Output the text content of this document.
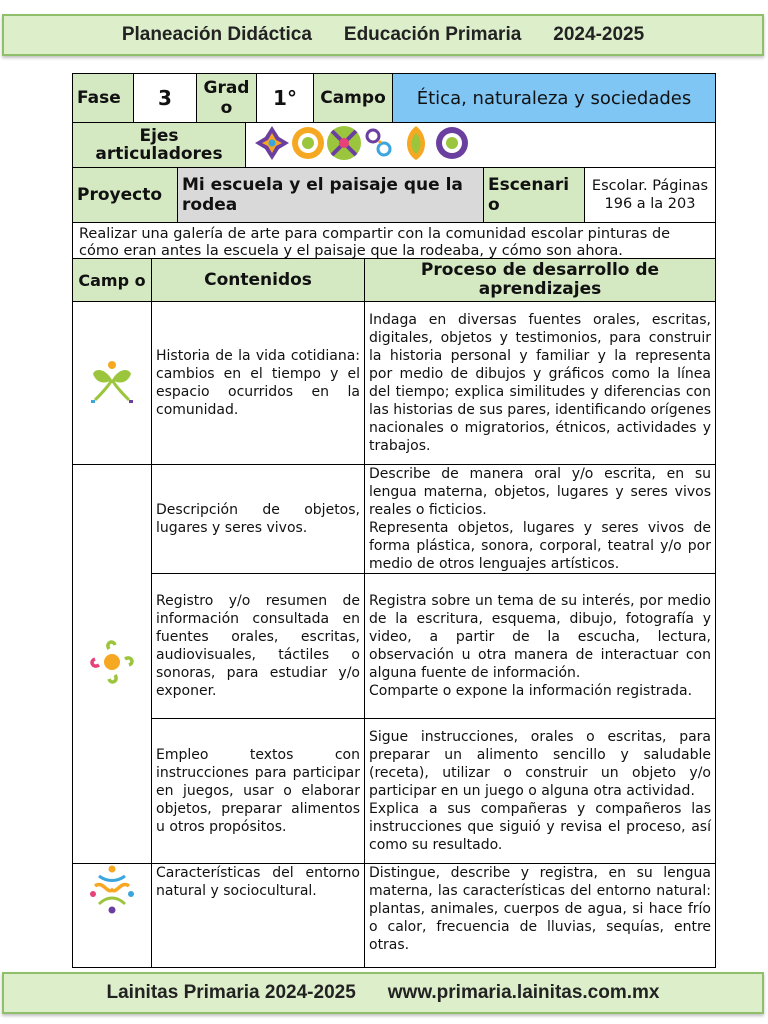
Planeación Didáctica Educación Primaria 2024-2025
Fase	3	Grad o	1°	Campo	Ética, naturaleza y sociedades
Ejes articuladores	
Proyecto	Mi escuela y el paisaje que la rodea	Escenari o	Escolar. Páginas 196 a la 203
Realizar una galería de arte para compartir con la comunidad escolar pinturas de cómo eran antes la escuela y el paisaje que la rodeaba, y cómo son ahora.
Camp o	Contenidos	Proceso de desarrollo de aprendizajes
	Historia de la vida cotidiana: cambios en el tiempo y el espacio ocurridos en la comunidad.	Indaga en diversas fuentes orales, escritas, digitales, objetos y testimonios, para construir la historia personal y familiar y la representa por medio de dibujos y gráficos como la línea del tiempo; explica similitudes y diferencias con las historias de sus pares, identificando orígenes nacionales o migratorios, étnicos, actividades y trabajos.
	Descripción de objetos, lugares y seres vivos.	Describe de manera oral y/o escrita, en su lengua materna, objetos, lugares y seres vivos reales o ficticios.
Representa objetos, lugares y seres vivos de forma plástica, sonora, corporal, teatral y/o por medio de otros lenguajes artísticos.
	Registro y/o resumen de información consultada en fuentes orales, escritas, audiovisuales, táctiles o sonoras, para estudiar y/o exponer.	Registra sobre un tema de su interés, por medio de la escritura, esquema, dibujo, fotografía y video, a partir de la escucha, lectura, observación u otra manera de interactuar con alguna fuente de información.
Comparte o expone la información registrada.
	Empleo textos con instrucciones para participar en juegos, usar o elaborar objetos, preparar alimentos u otros propósitos.	Sigue instrucciones, orales o escritas, para preparar un alimento sencillo y saludable (receta), utilizar o construir un objeto y/o participar en un juego o alguna otra actividad.
Explica a sus compañeras y compañeros las instrucciones que siguió y revisa el proceso, así como su resultado.
	Características del entorno natural y sociocultural.	Distingue, describe y registra, en su lengua materna, las características del entorno natural: plantas, animales, cuerpos de agua, si hace frío o calor, frecuencia de lluvias, sequías, entre otras.
Lainitas Primaria 2024-2025 www.primaria.lainitas.com.mx
